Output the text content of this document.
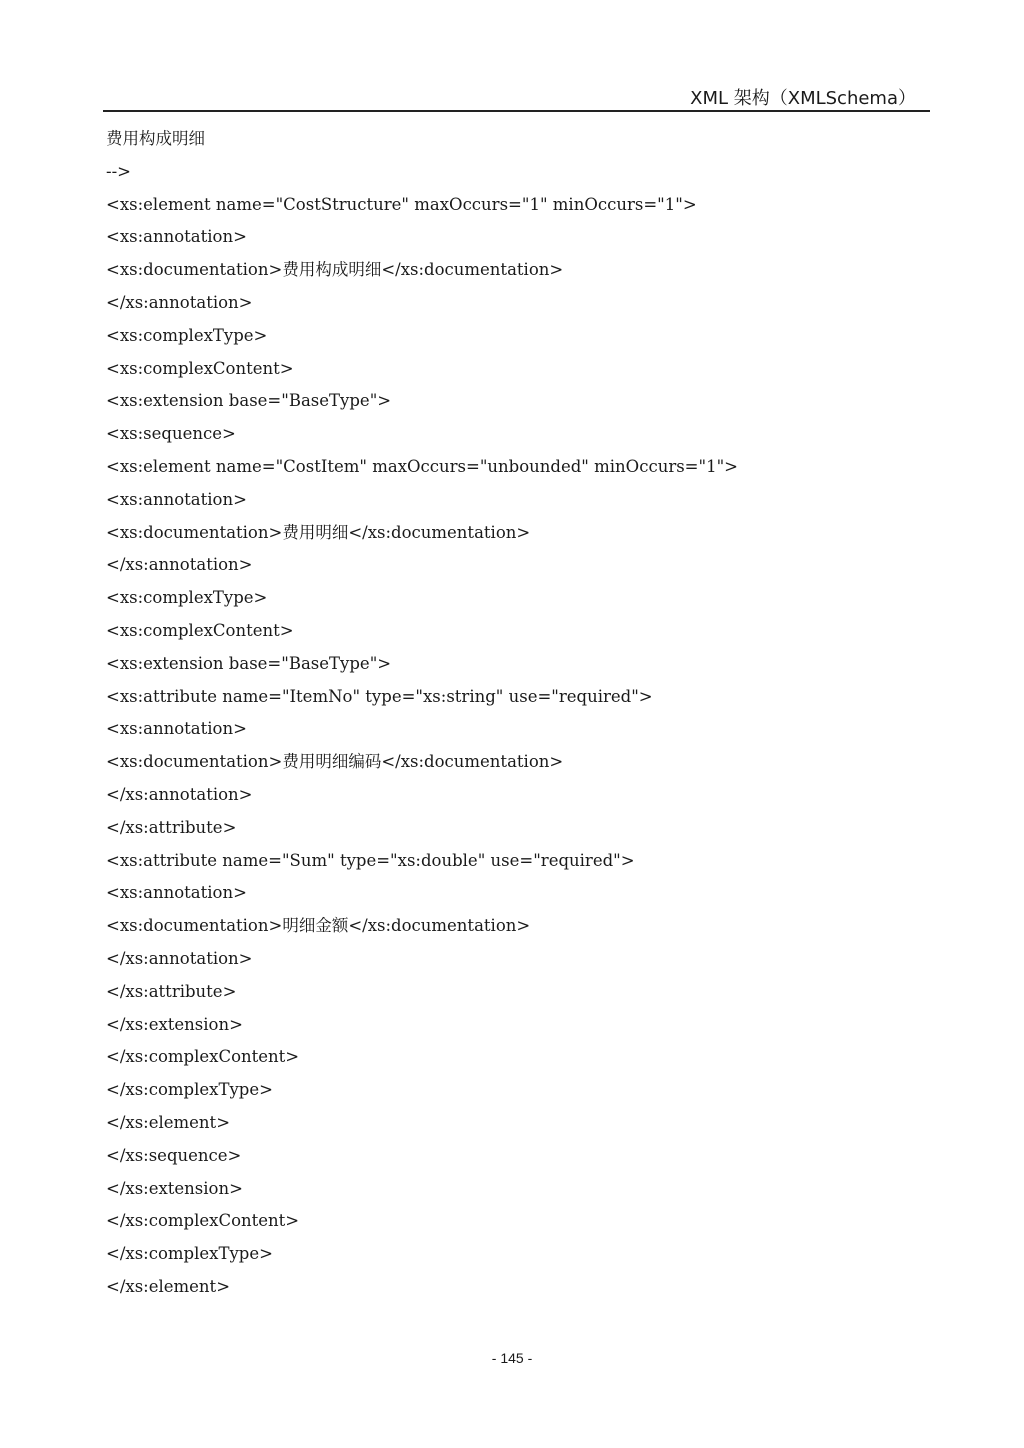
XML 架构（XMLSchema）
费用构成明细
-->
<xs:element name="CostStructure" maxOccurs="1" minOccurs="1">
<xs:annotation>
<xs:documentation>费用构成明细</xs:documentation>
</xs:annotation>
<xs:complexType>
<xs:complexContent>
<xs:extension base="BaseType">
<xs:sequence>
<xs:element name="CostItem" maxOccurs="unbounded" minOccurs="1">
<xs:annotation>
<xs:documentation>费用明细</xs:documentation>
</xs:annotation>
<xs:complexType>
<xs:complexContent>
<xs:extension base="BaseType">
<xs:attribute name="ItemNo" type="xs:string" use="required">
<xs:annotation>
<xs:documentation>费用明细编码</xs:documentation>
</xs:annotation>
</xs:attribute>
<xs:attribute name="Sum" type="xs:double" use="required">
<xs:annotation>
<xs:documentation>明细金额</xs:documentation>
</xs:annotation>
</xs:attribute>
</xs:extension>
</xs:complexContent>
</xs:complexType>
</xs:element>
</xs:sequence>
</xs:extension>
</xs:complexContent>
</xs:complexType>
</xs:element>
- 145 -
